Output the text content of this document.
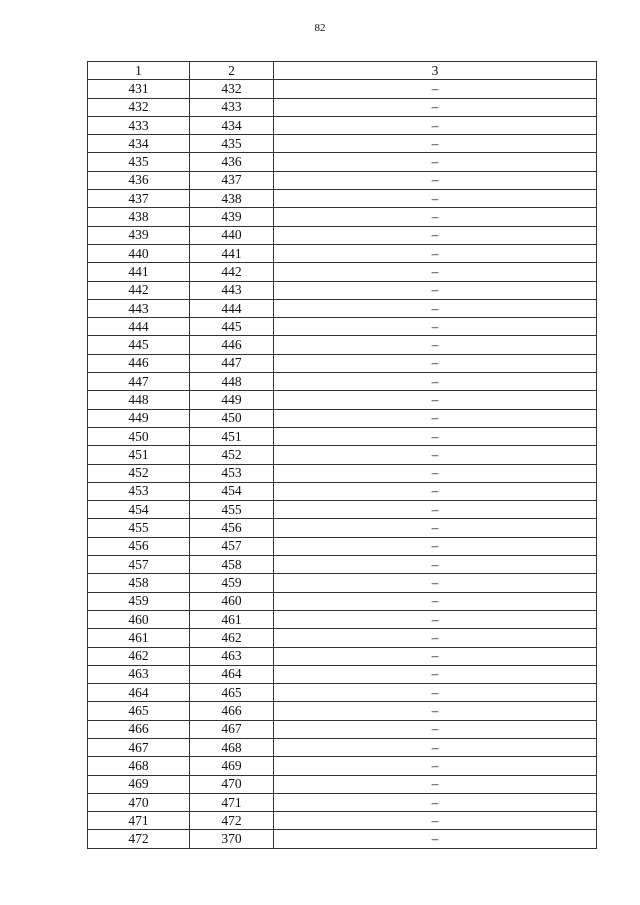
82
1	2	3
431	432	–
432	433	–
433	434	–
434	435	–
435	436	–
436	437	–
437	438	–
438	439	–
439	440	–
440	441	–
441	442	–
442	443	–
443	444	–
444	445	–
445	446	–
446	447	–
447	448	–
448	449	–
449	450	–
450	451	–
451	452	–
452	453	–
453	454	–
454	455	–
455	456	–
456	457	–
457	458	–
458	459	–
459	460	–
460	461	–
461	462	–
462	463	–
463	464	–
464	465	–
465	466	–
466	467	–
467	468	–
468	469	–
469	470	–
470	471	–
471	472	–
472	370	–
